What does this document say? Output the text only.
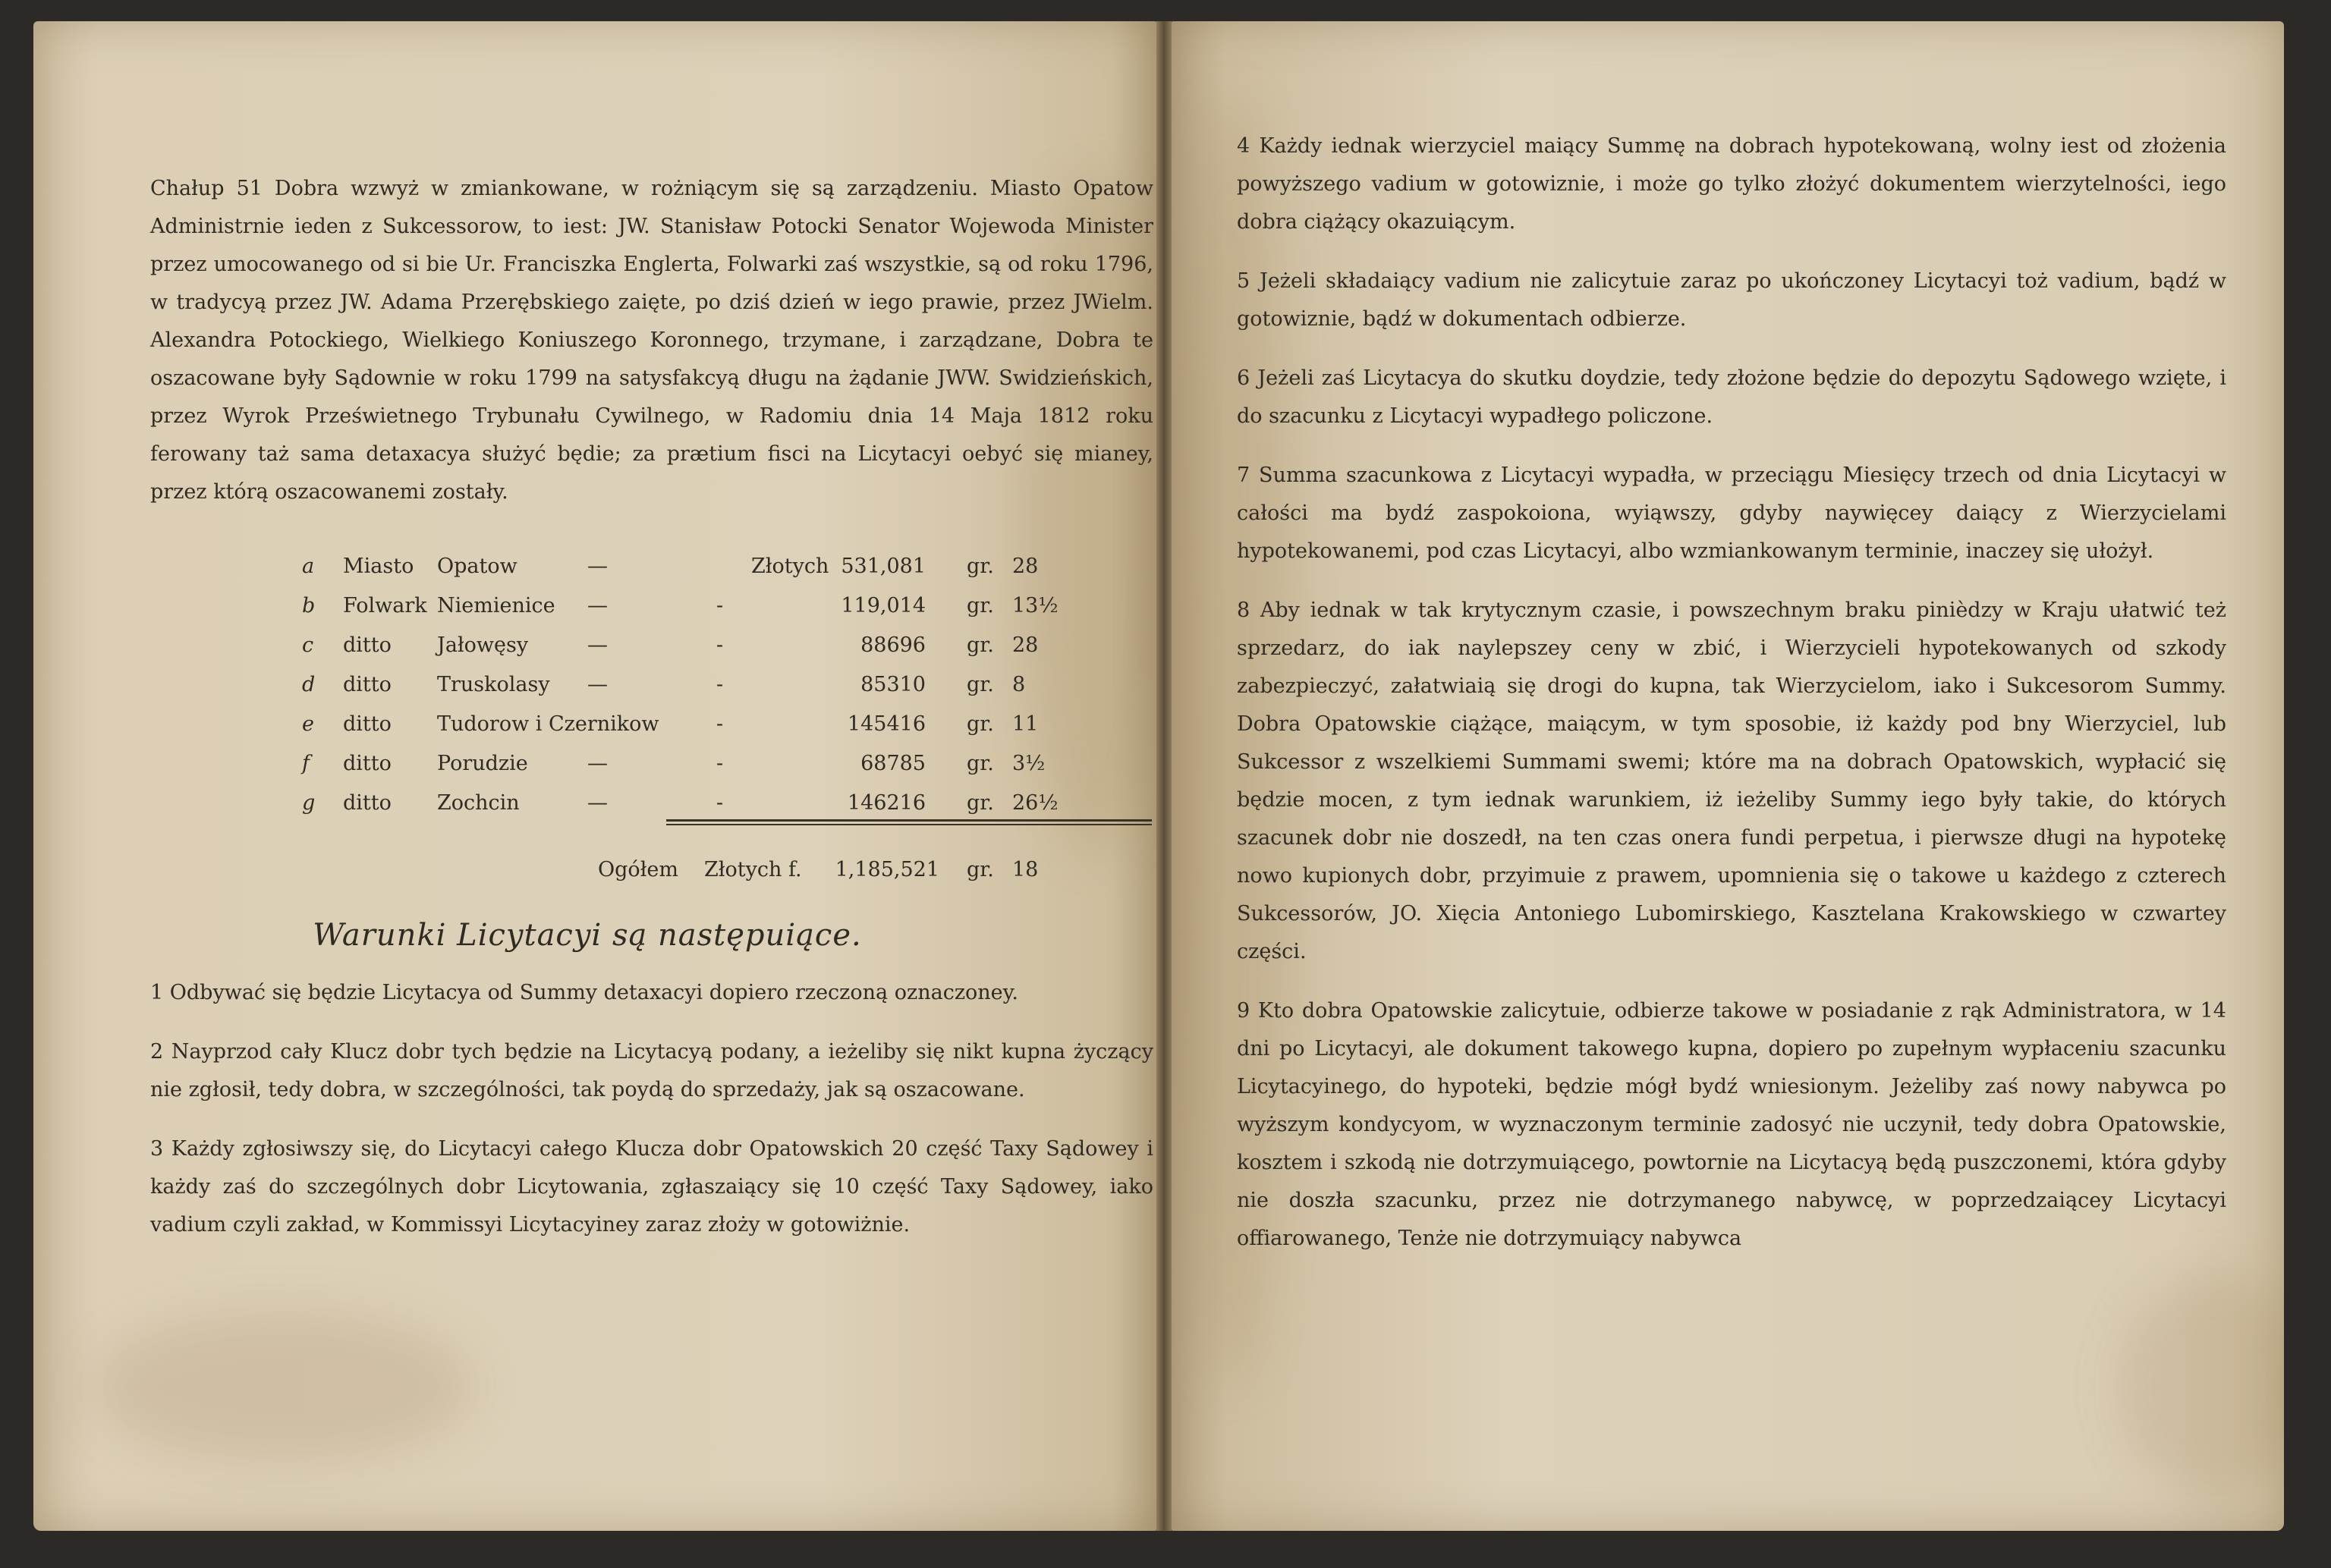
Chałup 51 Dobra wzwyż w zmiankowane, w rożniącym się są zarządzeniu. Miasto Opatow Administrnie ieden z Sukcessorow, to iest: JW. Stanisław Potocki Senator Wojewoda Minister przez umocowanego od si bie Ur. Franciszka Englerta, Folwarki zaś wszystkie, są od roku 1796, w tradycyą przez JW. Adama Przerębskiego zaięte, po dziś dzień w iego prawie, przez JWielm. Alexandra Potockiego, Wielkiego Koniuszego Koronnego, trzymane, i zarządzane, Dobra te oszacowane były Sądownie w roku 1799 na satysfakcyą długu na żądanie JWW. Swidzieńskich, przez Wyrok Prześwietnego Trybunału Cywilnego, w Radomiu dnia 14 Maja 1812 roku ferowany taż sama detaxacya służyć będie; za prætium fisci na Licytacyi oebyć się mianey, przez którą oszacowanemi zostały.

a Miasto Opatow	—	Złotych 531,081 gr. 28
b Folwark Niemienice —	-	119,014 gr. 13½
c ditto Jałowęsy	—	-	88696 gr. 28
d ditto Truskolasy —	-	85310 gr. 8
e ditto Tudorow i Czernikow	-	145416 gr. 11
f ditto Porudzie	—	-	68785 gr. 3½
g ditto Zochcin	—	-	146216 gr. 26½
Ogółem Złotych f.	1,185,521 gr. 18
Warunki Licytacyi są następuiące.

1 Odbywać się będzie Licytacya od Summy detaxacyi dopiero rzeczoną oznaczoney.

2 Nayprzod cały Klucz dobr tych będzie na Licytacyą podany, a ieżeliby się nikt kupna życzący nie zgłosił, tedy dobra, w szczególności, tak poydą do sprzedaży, jak są oszacowane.

3 Każdy zgłosiwszy się, do Licytacyi całego Klucza dobr Opatowskich 20 część Taxy Sądowey i każdy zaś do szczególnych dobr Licytowania, zgłaszaiący się 10 część Taxy Sądowey, iako vadium czyli zakład, w Kommissyi Licytacyiney zaraz złoży w gotowiżnie.

4 Każdy iednak wierzyciel maiący Summę na dobrach hypotekowaną, wolny iest od złożenia powyższego vadium w gotowiznie, i może go tylko złożyć dokumentem wierzytelności, iego dobra ciążący okazuiącym.

5 Jeżeli składaiący vadium nie zalicytuie zaraz po ukończoney Licytacyi toż vadium, bądź w gotowiznie, bądź w dokumentach odbierze.

6 Jeżeli zaś Licytacya do skutku doydzie, tedy złożone będzie do depozytu Sądowego wzięte, i do szacunku z Licytacyi wypadłego policzone.

7 Summa szacunkowa z Licytacyi wypadła, w przeciągu Miesięcy trzech od dnia Licytacyi w całości ma bydź zaspokoiona, wyiąwszy, gdyby naywięcey daiący z Wierzycielami hypotekowanemi, pod czas Licytacyi, albo wzmiankowanym terminie, inaczey się ułożył.

8 Aby iednak w tak krytycznym czasie, i powszechnym braku pinièdzy w Kraju ułatwić też sprzedarz, do iak naylepszey ceny w zbić, i Wierzycieli hypotekowanych od szkody zabezpieczyć, załatwiaią się drogi do kupna, tak Wierzycielom, iako i Sukcesorom Summy. Dobra Opatowskie ciążące, maiącym, w tym sposobie, iż każdy pod bny Wierzyciel, lub Sukcessor z wszelkiemi Summami swemi; które ma na dobrach Opatowskich, wypłacić się będzie mocen, z tym iednak warunkiem, iż ieżeliby Summy iego były takie, do których szacunek dobr nie doszedł, na ten czas onera fundi perpetua, i pierwsze długi na hypotekę nowo kupionych dobr, przyimuie z prawem, upomnienia się o takowe u każdego z czterech Sukcessorów, JO. Xięcia Antoniego Lubomirskiego, Kasztelana Krakowskiego w czwartey części.

9 Kto dobra Opatowskie zalicytuie, odbierze takowe w posiadanie z rąk Administratora, w 14 dni po Licytacyi, ale dokument takowego kupna, dopiero po zupełnym wypłaceniu szacunku Licytacyinego, do hypoteki, będzie mógł bydź wniesionym. Jeżeliby zaś nowy nabywca po wyższym kondycyom, w wyznaczonym terminie zadosyć nie uczynił, tedy dobra Opatowskie, kosztem i szkodą nie dotrzymuiącego, powtornie na Licytacyą będą puszczonemi, która gdyby nie doszła szacunku, przez nie dotrzymanego nabywcę, w poprzedzaiącey Licytacyi offiarowanego, Tenże nie dotrzymuiący nabywca
